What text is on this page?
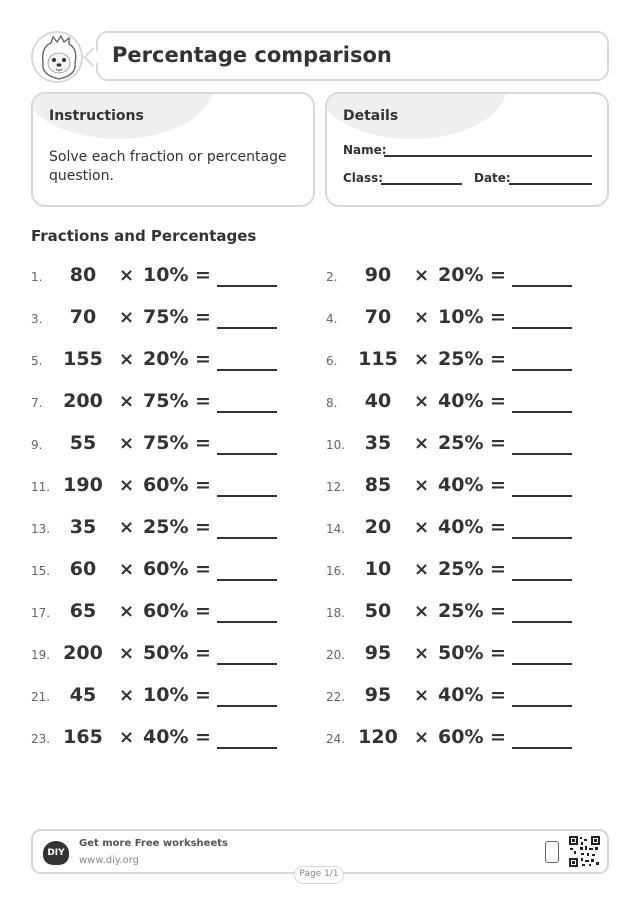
Percentage comparison
Instructions
Solve each fraction or percentage question.
Details
Name:
Class:	Date:
Fractions and Percentages
1.	80	× 10% =	2.	90	× 20% =
3.	70	× 75% =	4.	70	× 10% =
5. 155 × 20% =	6. 115 × 25% =
7. 200 × 75% =	8.	40	× 40% =
9.	55	× 75% =	10.	35	× 25% =
11. 190 × 60% =	12.	85	× 40% =
13.	35	× 25% =	14.	20	× 40% =
15.	60	× 60% =	16.	10	× 25% =
17.	65	× 60% =	18.	50	× 25% =
19. 200 × 50% =	20.	95	× 50% =
21.	45	× 10% =	22.	95	× 40% =
23. 165 × 40% =	24. 120 × 60% =
DIY
Get more Free worksheets
www.diy.org
Page 1/1
